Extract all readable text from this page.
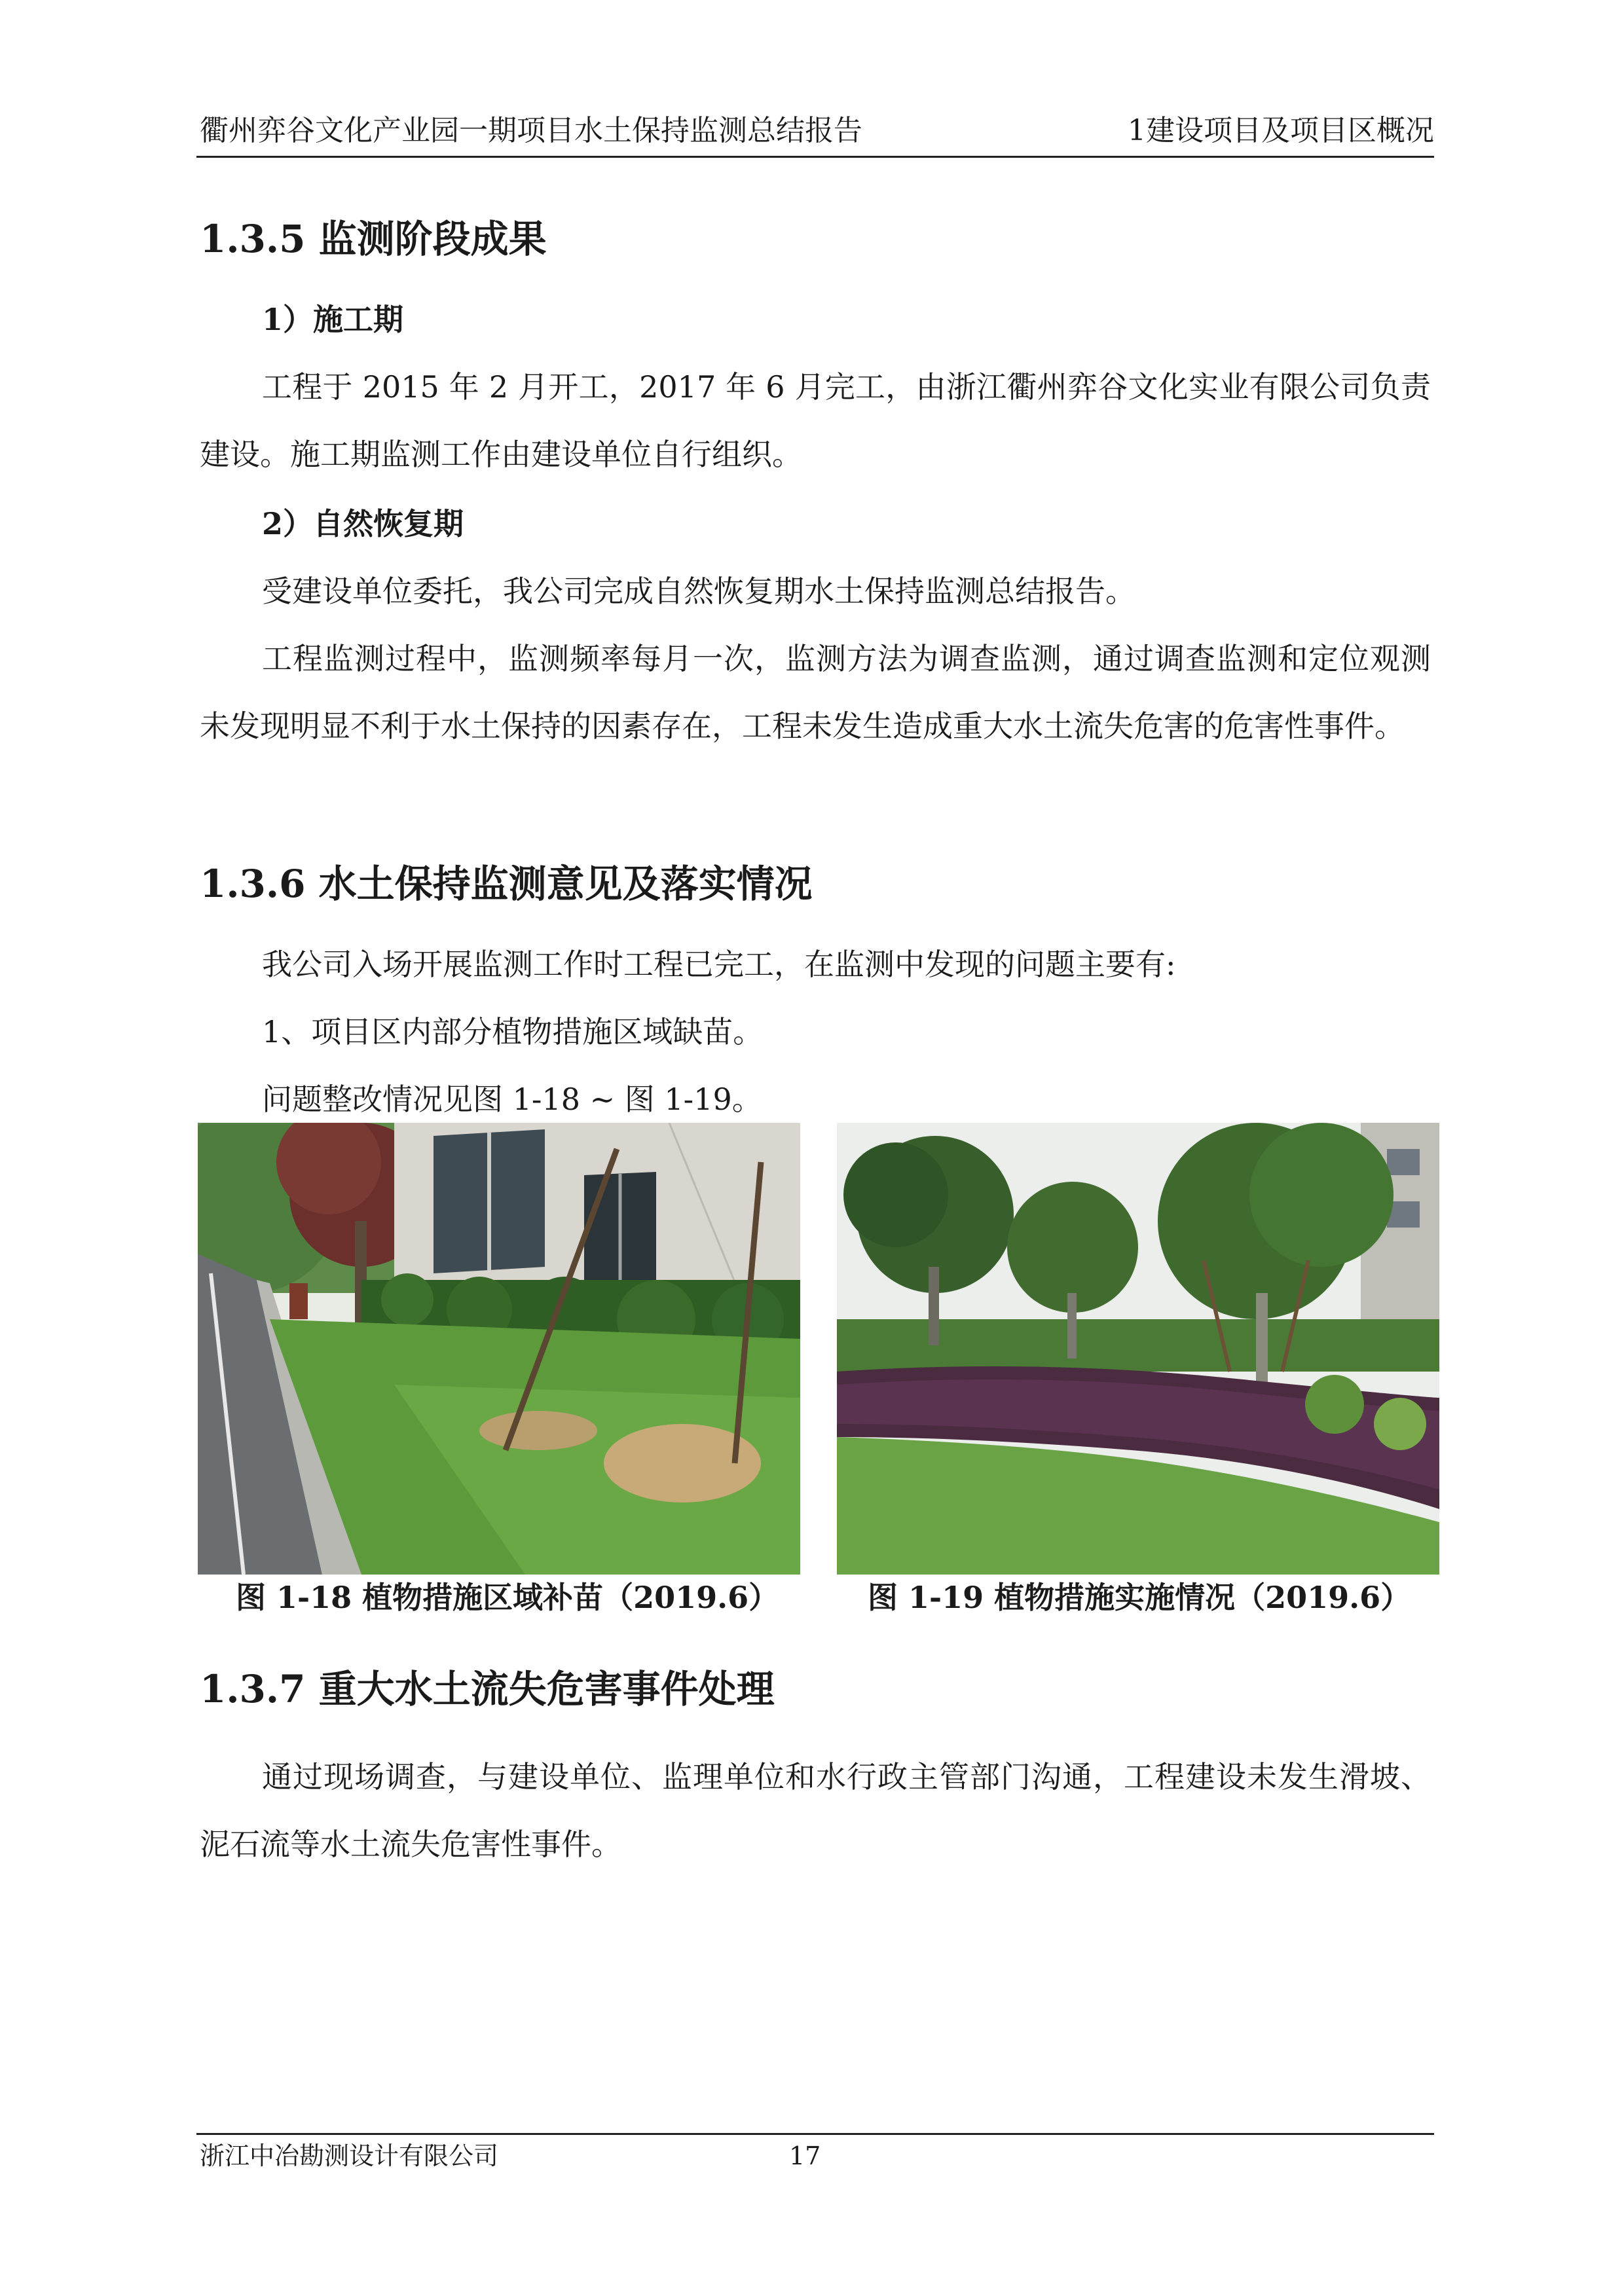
衢州弈谷文化产业园一期项目水土保持监测总结报告	1建设项目及项目区概况
1.3.5 监测阶段成果
1）施工期
工程于 2015 年 2 月开工，2017 年 6 月完工，由浙江衢州弈谷文化实业有限公司负责建设。施工期监测工作由建设单位自行组织。
2）自然恢复期
受建设单位委托，我公司完成自然恢复期水土保持监测总结报告。
工程监测过程中，监测频率每月一次，监测方法为调查监测，通过调查监测和定位观测未发现明显不利于水土保持的因素存在，工程未发生造成重大水土流失危害的危害性事件。
1.3.6 水土保持监测意见及落实情况
我公司入场开展监测工作时工程已完工，在监测中发现的问题主要有:
1、项目区内部分植物措施区域缺苗。
问题整改情况见图 1-18 ~ 图 1-19。
图 1-18 植物措施区域补苗（2019.6）	图 1-19 植物措施实施情况（2019.6）
1.3.7 重大水土流失危害事件处理
通过现场调查，与建设单位、监理单位和水行政主管部门沟通，工程建设未发生滑坡、泥石流等水土流失危害性事件。
浙江中冶勘测设计有限公司	17
